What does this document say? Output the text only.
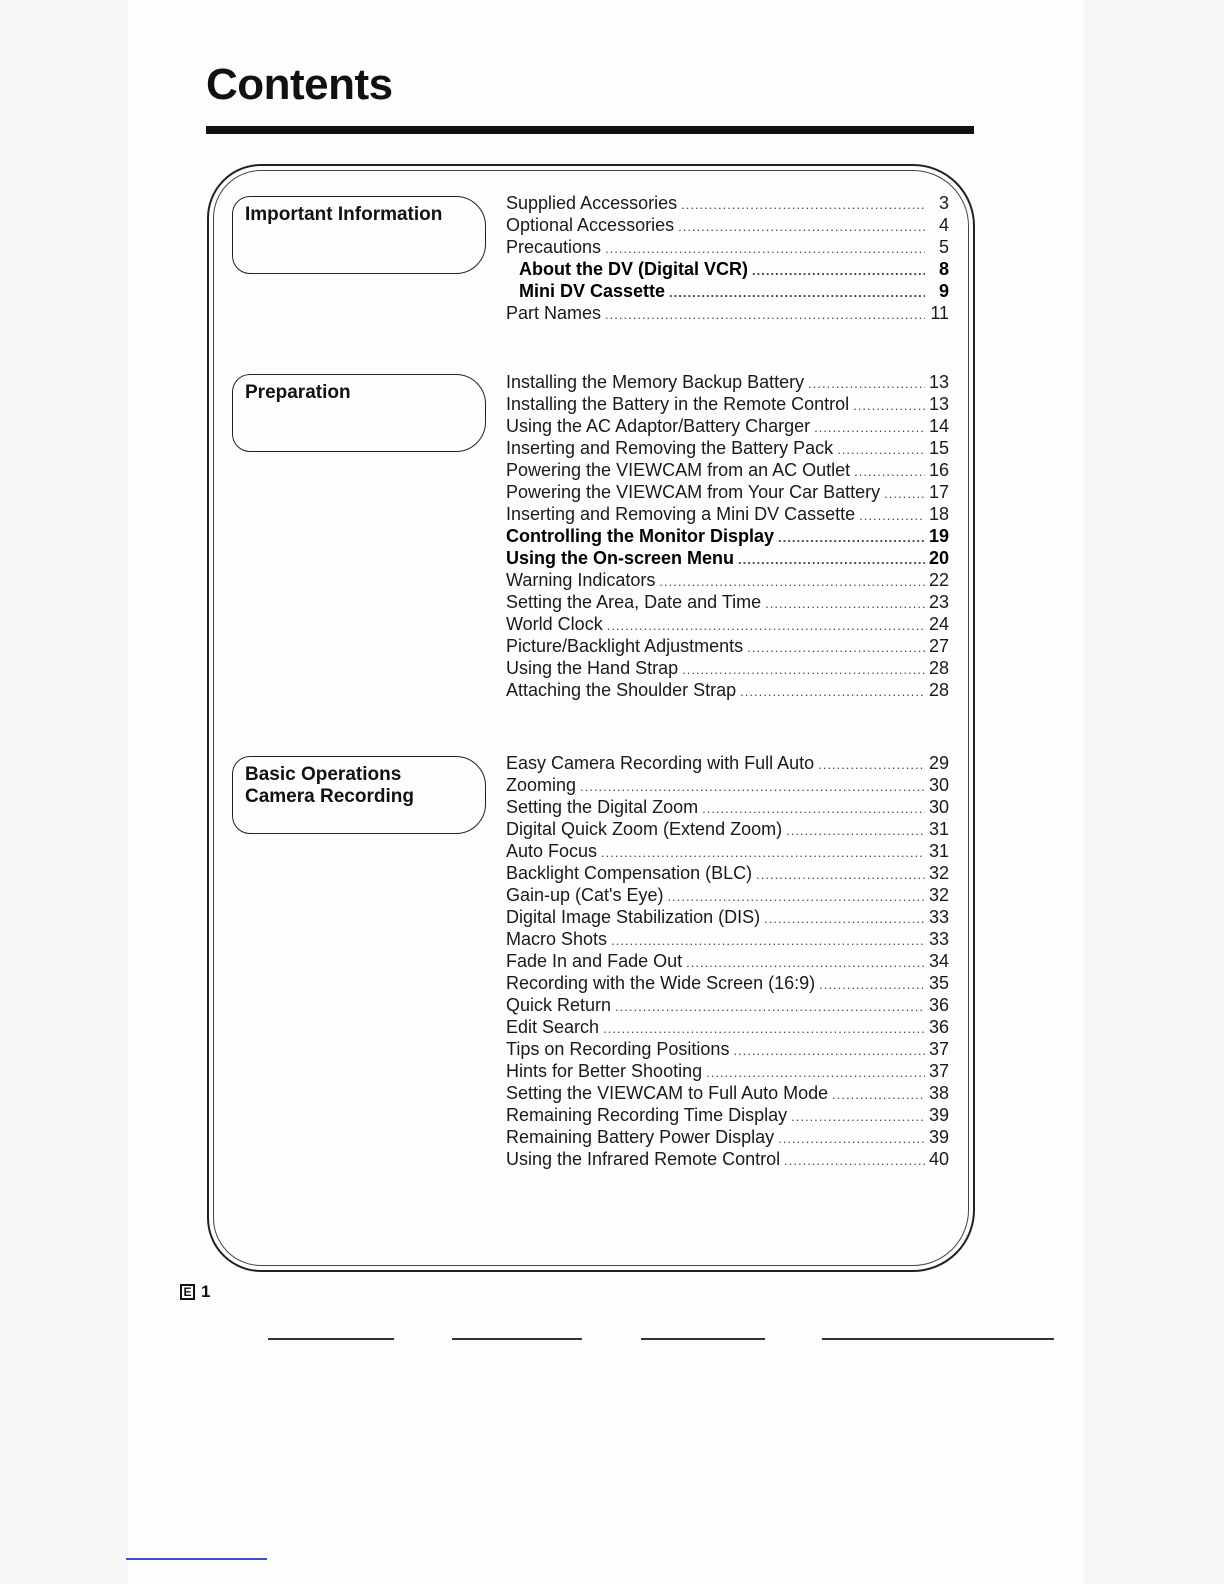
Contents
Important Information
Supplied Accessories .....	3
Optional Accessories .....	4
Precautions .....	5
About the DV (Digital VCR) .....	8
Mini DV Cassette .....	9
Part Names .....	11
Preparation	Installing the Memory Backup Battery .....	13
Installing the Battery in the Remote Control .....	13
Using the AC Adaptor/Battery Charger .....	14
Inserting and Removing the Battery Pack .....	15
Powering the VIEWCAM from an AC Outlet .....	16
Powering the VIEWCAM from Your Car Battery .....	17
Inserting and Removing a Mini DV Cassette .....	18
Controlling the Monitor Display .....	19
Using the On-screen Menu .....	20
Warning Indicators .....	22
Setting the Area, Date and Time .....	23
World Clock .....	24
Picture/Backlight Adjustments .....	27
Using the Hand Strap .....	28
Attaching the Shoulder Strap .....	28
Basic Operations
Camera Recording
Easy Camera Recording with Full Auto .....	29
Zooming .....	30
Setting the Digital Zoom .....	30
Digital Quick Zoom (Extend Zoom) .....	31
Auto Focus .....	31
Backlight Compensation (BLC) .....	32
Gain-up (Cat's Eye) .....	32
Digital Image Stabilization (DIS) .....	33
Macro Shots .....	33
Fade In and Fade Out .....	34
Recording with the Wide Screen (16:9) .....	35
Quick Return .....	36
Edit Search .....	36
Tips on Recording Positions .....	37
Hints for Better Shooting .....	37
Setting the VIEWCAM to Full Auto Mode .....	38
Remaining Recording Time Display .....	39
Remaining Battery Power Display .....	39
Using the Infrared Remote Control .....	40
E 1
